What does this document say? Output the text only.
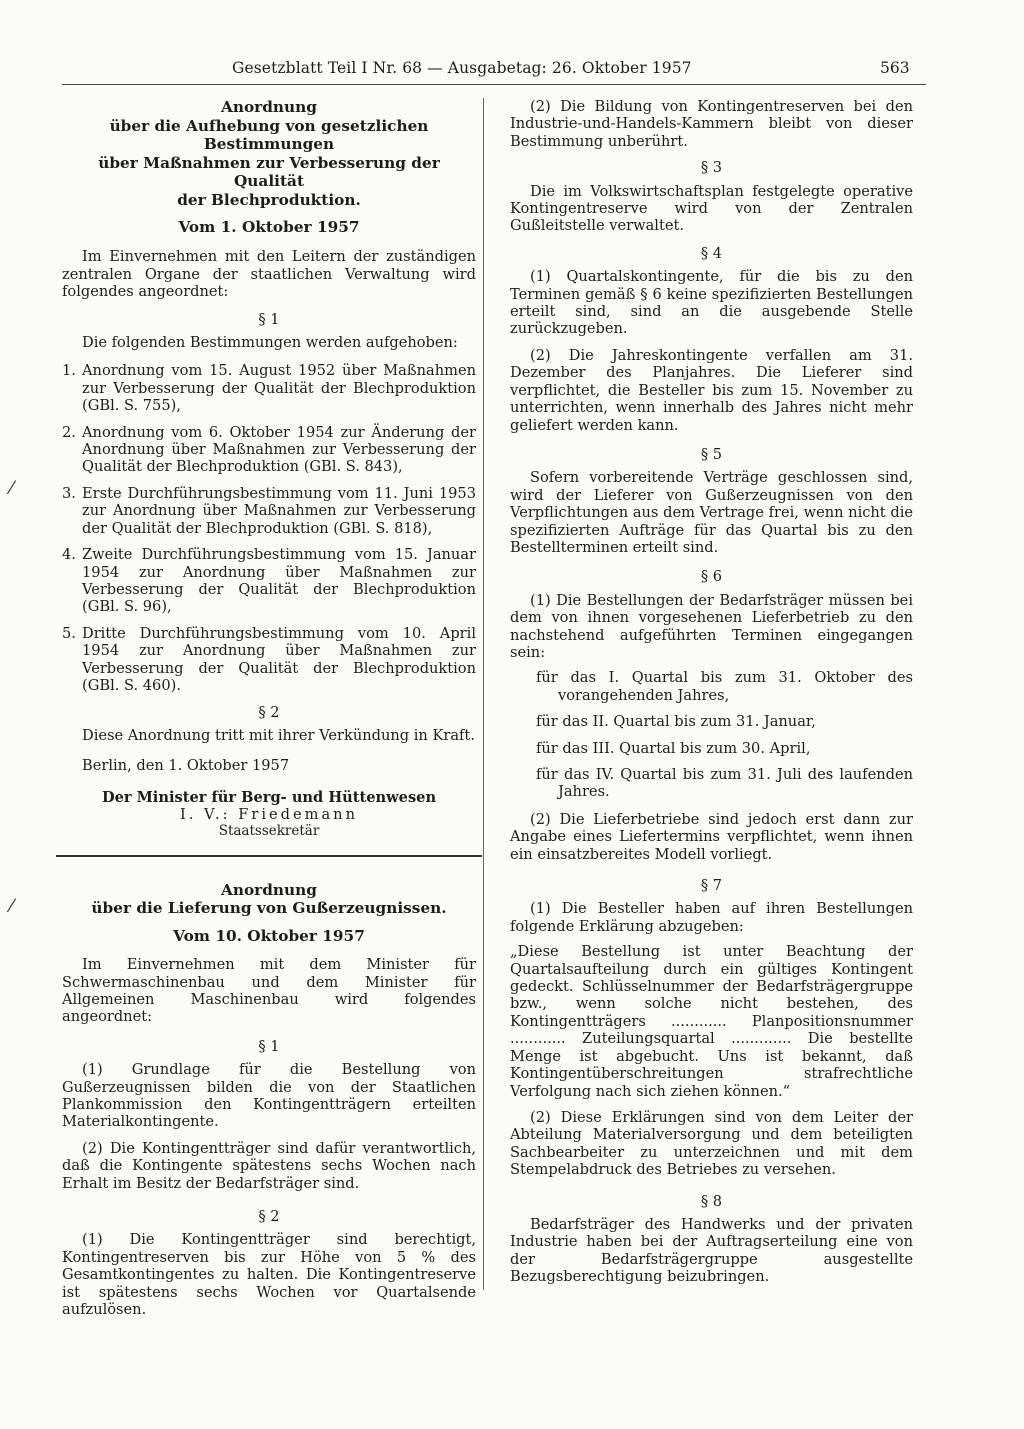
Gesetzblatt Teil I Nr. 68 — Ausgabetag: 26. Oktober 1957	563
⁄
⁄
Anordnung
über die Aufhebung von gesetzlichen Bestimmungen
über Maßnahmen zur Verbesserung der Qualität
der Blechproduktion.
Vom 1. Oktober 1957

Im Einvernehmen mit den Leitern der zuständigen zentralen Organe der staatlichen Verwaltung wird folgendes angeordnet:

§ 1

Die folgenden Bestimmungen werden aufgehoben:

1. Anordnung vom 15. August 1952 über Maßnahmen zur Verbesserung der Qualität der Blechproduktion (GBl. S. 755),
2. Anordnung vom 6. Oktober 1954 zur Änderung der Anordnung über Maßnahmen zur Verbesserung der Qualität der Blechproduktion (GBl. S. 843),
3. Erste Durchführungsbestimmung vom 11. Juni 1953 zur Anordnung über Maßnahmen zur Verbesserung der Qualität der Blechproduktion (GBl. S. 818),
4. Zweite Durchführungsbestimmung vom 15. Januar 1954 zur Anordnung über Maßnahmen zur Verbesserung der Qualität der Blechproduktion (GBl. S. 96),
5. Dritte Durchführungsbestimmung vom 10. April 1954 zur Anordnung über Maßnahmen zur Verbesserung der Qualität der Blechproduktion (GBl. S. 460).
§ 2

Diese Anordnung tritt mit ihrer Verkündung in Kraft.

Berlin, den 1. Oktober 1957

Der Minister für Berg- und Hüttenwesen
I. V.: Friedemann
Staatssekretär
Anordnung
über die Lieferung von Gußerzeugnissen.
Vom 10. Oktober 1957

Im Einvernehmen mit dem Minister für Schwermaschinenbau und dem Minister für Allgemeinen Maschinenbau wird folgendes angeordnet:

§ 1

(1) Grundlage für die Bestellung von Gußerzeugnissen bilden die von der Staatlichen Plankommission den Kontingentträgern erteilten Materialkontingente.

(2) Die Kontingentträger sind dafür verantwortlich, daß die Kontingente spätestens sechs Wochen nach Erhalt im Besitz der Bedarfsträger sind.

§ 2

(1) Die Kontingentträger sind berechtigt, Kontingentreserven bis zur Höhe von 5 % des Gesamtkontingentes zu halten. Die Kontingentreserve ist spätestens sechs Wochen vor Quartalsende aufzulösen.

(2) Die Bildung von Kontingentreserven bei den Industrie-und-Handels-Kammern bleibt von dieser Bestimmung unberührt.

§ 3

Die im Volkswirtschaftsplan festgelegte operative Kontingentreserve wird von der Zentralen Gußleitstelle verwaltet.

§ 4

(1) Quartalskontingente, für die bis zu den Terminen gemäß § 6 keine spezifizierten Bestellungen erteilt sind, sind an die ausgebende Stelle zurückzugeben.

(2) Die Jahreskontingente verfallen am 31. Dezember des Planjahres. Die Lieferer sind verpflichtet, die Besteller bis zum 15. November zu unterrichten, wenn innerhalb des Jahres nicht mehr geliefert werden kann.

§ 5

Sofern vorbereitende Verträge geschlossen sind, wird der Lieferer von Gußerzeugnissen von den Verpflichtungen aus dem Vertrage frei, wenn nicht die spezifizierten Aufträge für das Quartal bis zu den Bestellterminen erteilt sind.

§ 6

(1) Die Bestellungen der Bedarfsträger müssen bei dem von ihnen vorgesehenen Lieferbetrieb zu den nachstehend aufgeführten Terminen eingegangen sein:

für das I. Quartal bis zum 31. Oktober des vorangehenden Jahres,

für das II. Quartal bis zum 31. Januar,

für das III. Quartal bis zum 30. April,

für das IV. Quartal bis zum 31. Juli des laufenden Jahres.

(2) Die Lieferbetriebe sind jedoch erst dann zur Angabe eines Liefertermins verpflichtet, wenn ihnen ein einsatzbereites Modell vorliegt.

§ 7

(1) Die Besteller haben auf ihren Bestellungen folgende Erklärung abzugeben:

„Diese Bestellung ist unter Beachtung der Quartalsaufteilung durch ein gültiges Kontingent gedeckt. Schlüsselnummer der Bedarfsträgergruppe bzw., wenn solche nicht bestehen, des Kontingentträgers ............ Planpositionsnummer ............ Zuteilungsquartal ............. Die bestellte Menge ist abgebucht. Uns ist bekannt, daß Kontingentüberschreitungen strafrechtliche Verfolgung nach sich ziehen können.“

(2) Diese Erklärungen sind von dem Leiter der Abteilung Materialversorgung und dem beteiligten Sachbearbeiter zu unterzeichnen und mit dem Stempelabdruck des Betriebes zu versehen.

§ 8

Bedarfsträger des Handwerks und der privaten Industrie haben bei der Auftragserteilung eine von der Bedarfsträgergruppe ausgestellte Bezugsberechtigung beizubringen.
